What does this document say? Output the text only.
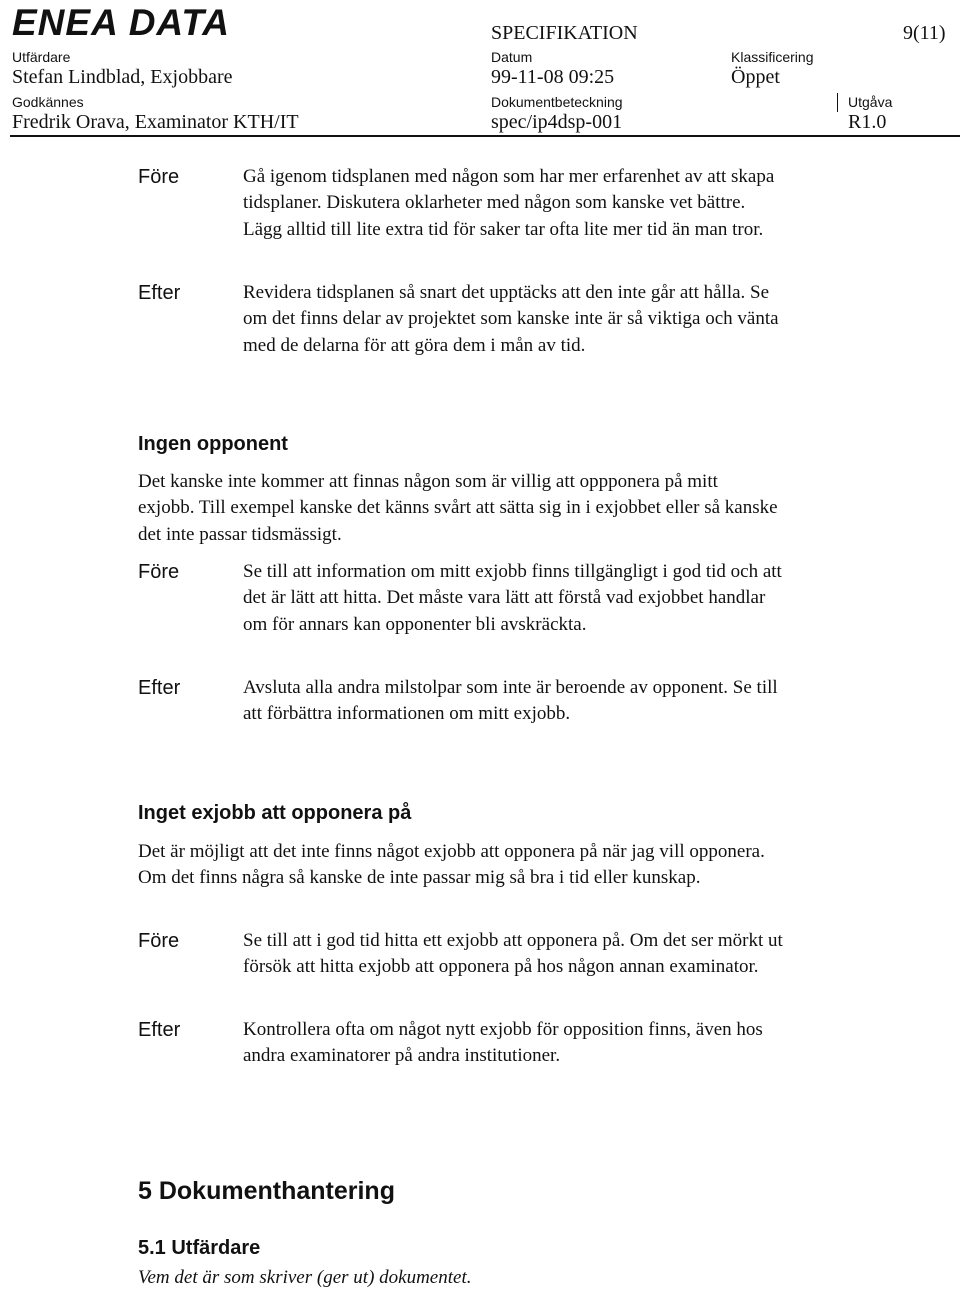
ENEA DATA	SPECIFIKATION	9(11)
Utfärdare
Stefan Lindblad, Exjobbare
Datum
99-11-08 09:25
Klassificering
Öppet
Godkännes
Fredrik Orava, Examinator KTH/IT
Dokumentbeteckning
spec/ip4dsp-001
Utgåva
R1.0
Före	Gå igenom tidsplanen med någon som har mer erfarenhet av att skapa tidsplaner. Diskutera oklarheter med någon som kanske vet bättre. Lägg alltid till lite extra tid för saker tar ofta lite mer tid än man tror.
Efter	Revidera tidsplanen så snart det upptäcks att den inte går att hålla. Se om det finns delar av projektet som kanske inte är så viktiga och vänta med de delarna för att göra dem i mån av tid.
Ingen opponent
Det kanske inte kommer att finnas någon som är villig att oppponera på mitt exjobb. Till exempel kanske det känns svårt att sätta sig in i exjobbet eller så kanske det inte passar tidsmässigt.
Före	Se till att information om mitt exjobb finns tillgängligt i god tid och att det är lätt att hitta. Det måste vara lätt att förstå vad exjobbet handlar om för annars kan opponenter bli avskräckta.
Efter	Avsluta alla andra milstolpar som inte är beroende av opponent. Se till att förbättra informationen om mitt exjobb.
Inget exjobb att opponera på
Det är möjligt att det inte finns något exjobb att opponera på när jag vill opponera. Om det finns några så kanske de inte passar mig så bra i tid eller kunskap.
Före	Se till att i god tid hitta ett exjobb att opponera på. Om det ser mörkt ut försök att hitta exjobb att opponera på hos någon annan examinator.
Efter	Kontrollera ofta om något nytt exjobb för opposition finns, även hos andra examinatorer på andra institutioner.
5 Dokumenthantering
5.1 Utfärdare
Vem det är som skriver (ger ut) dokumentet.
